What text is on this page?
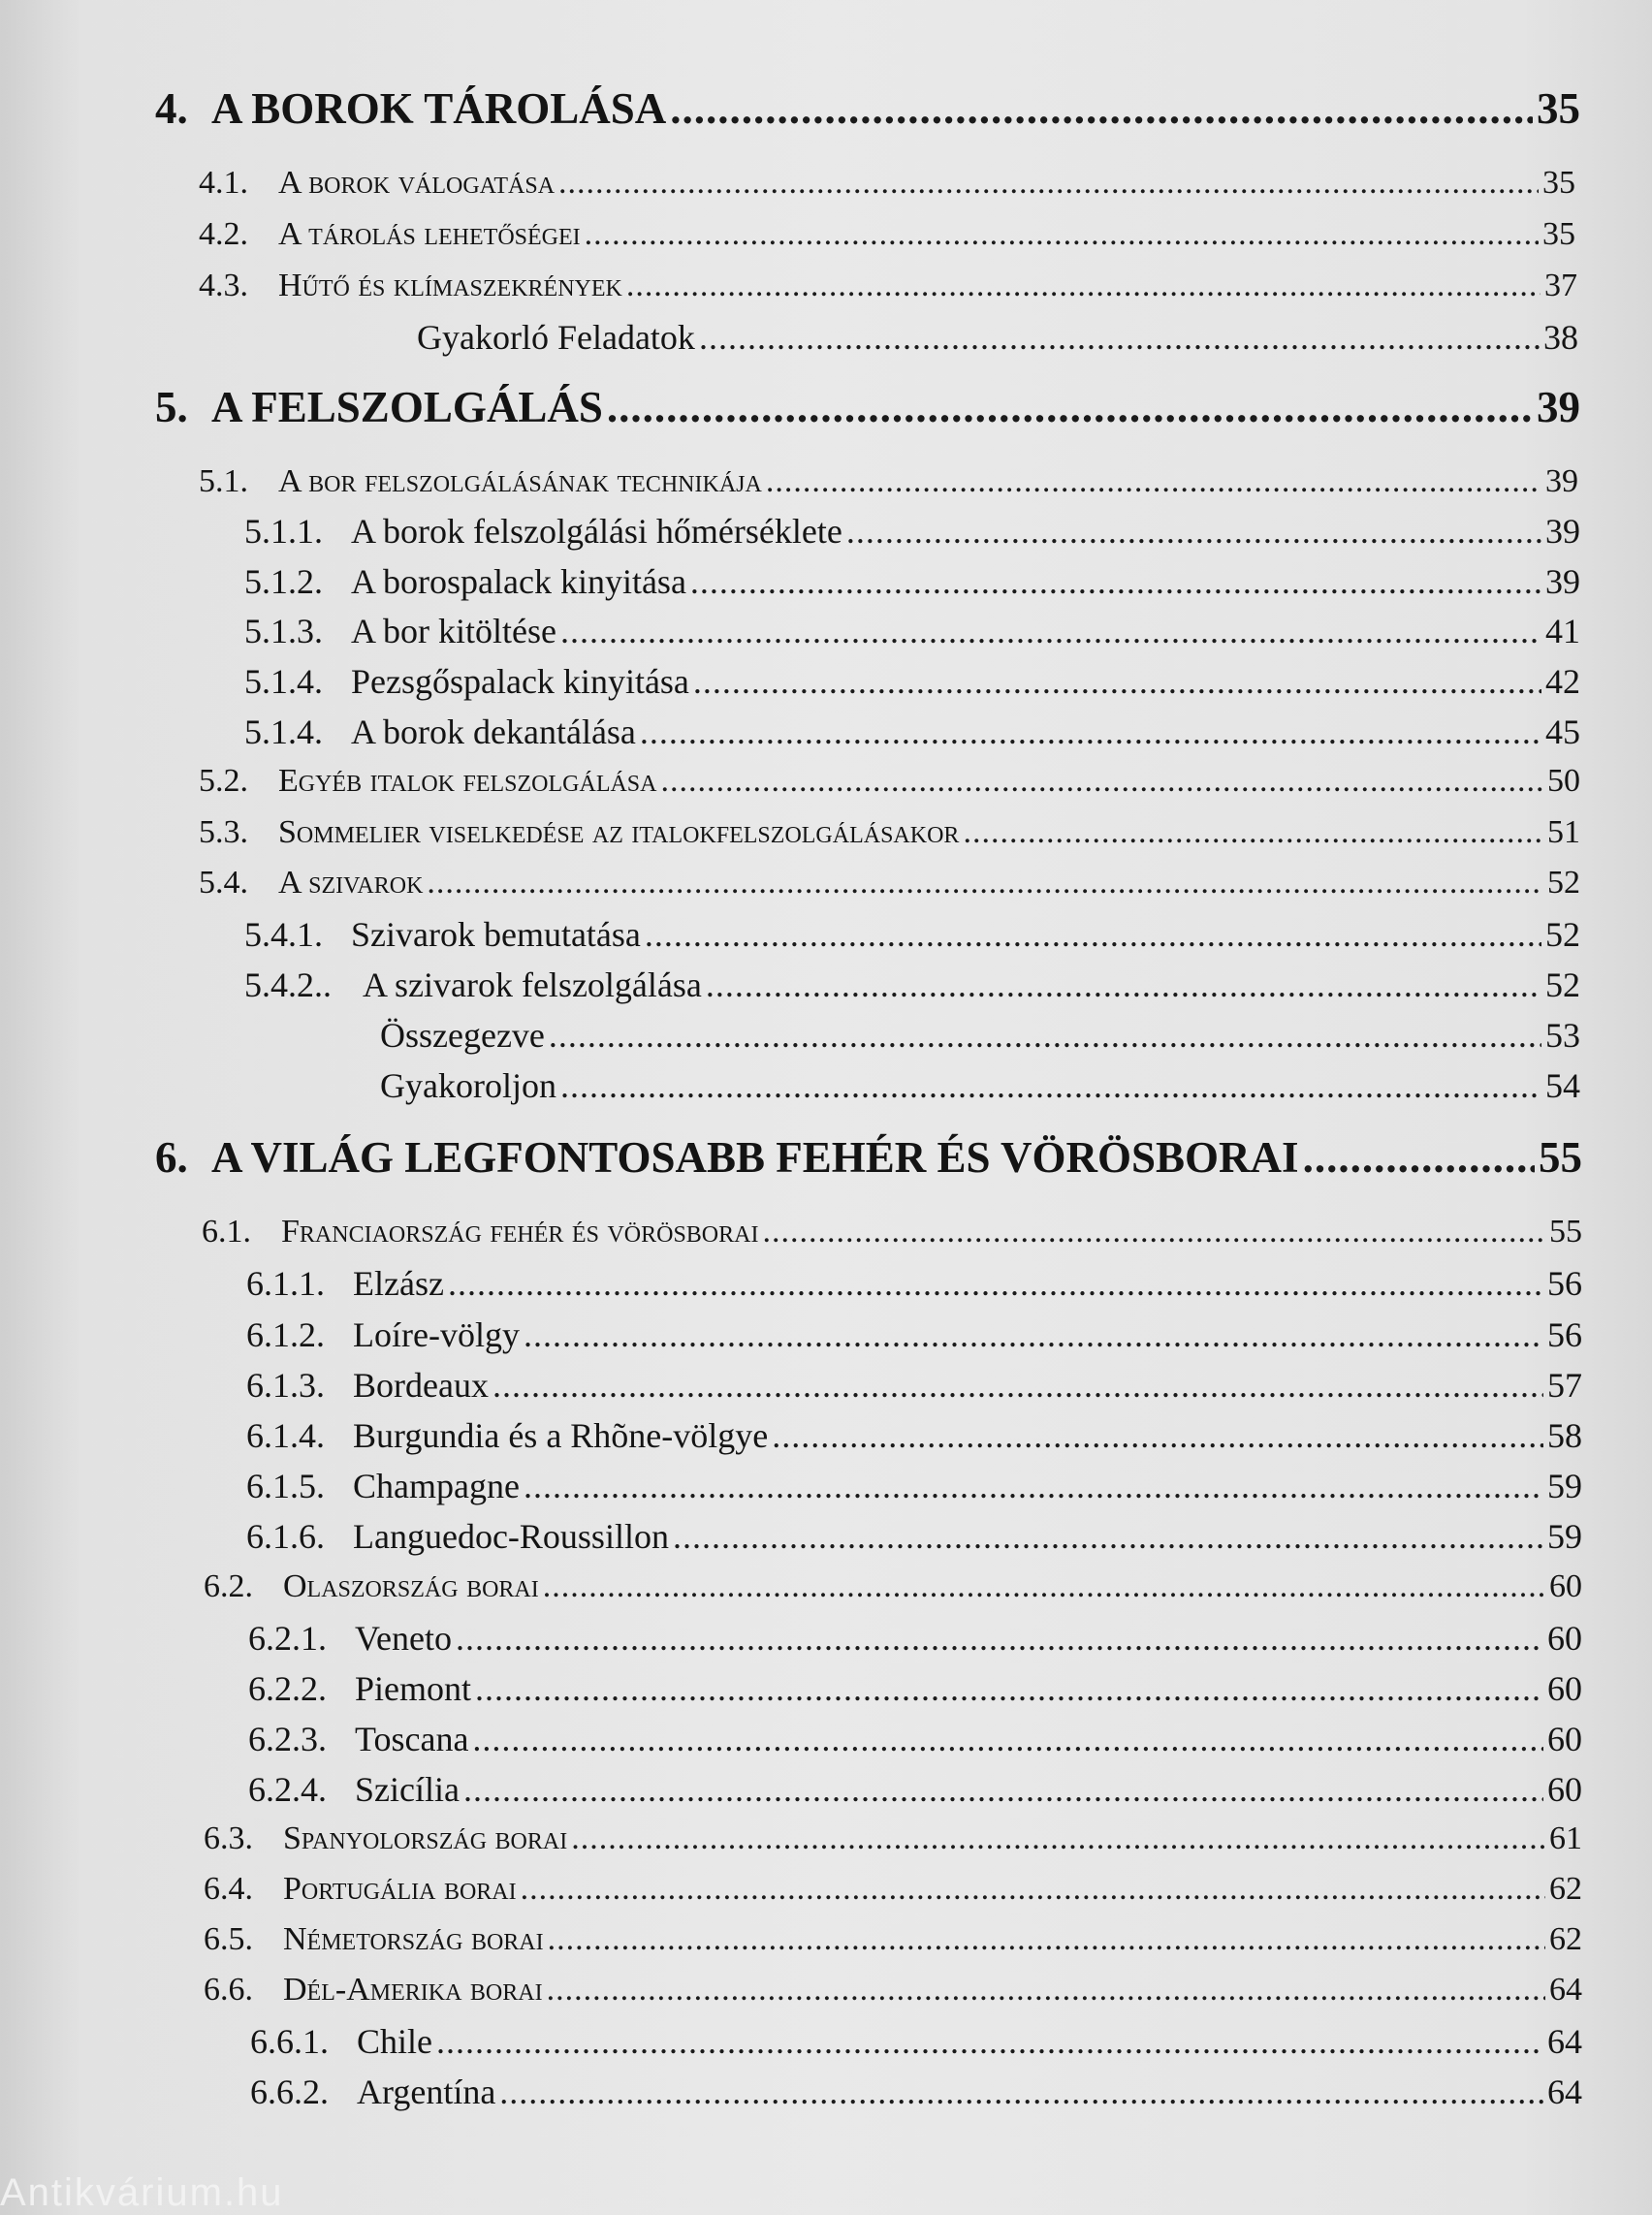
4. A BOROK TÁROLÁSA .....	35
4.1. A borok válogatása .....	35
4.2. A tárolás lehetőségei .....	35
4.3. Hűtő és klímaszekrények .....	37
Gyakorló Feladatok .....	38
5. A FELSZOLGÁLÁS .....	39
5.1. A bor felszolgálásának technikája .....	39
5.1.1. A borok felszolgálási hőmérséklete .....	39
5.1.2. A borospalack kinyitása .....	39
5.1.3. A bor kitöltése .....	41
5.1.4. Pezsgőspalack kinyitása .....	42
5.1.4. A borok dekantálása .....	45
5.2. Egyéb italok felszolgálása .....	50
5.3. Sommelier viselkedése az italokfelszolgálásakor .....	51
5.4. A szivarok .....	52
5.4.1. Szivarok bemutatása .....	52
5.4.2.. A szivarok felszolgálása .....	52
Összegezve .....	53
Gyakoroljon .....	54
6. A VILÁG LEGFONTOSABB FEHÉR ÉS VÖRÖSBORAI .....	55
6.1. Franciaország fehér és vörösborai .....	55
6.1.1. Elzász .....	56
6.1.2. Loíre-völgy .....	56
6.1.3. Bordeaux .....	57
6.1.4. Burgundia és a Rhõne-völgye .....	58
6.1.5. Champagne .....	59
6.1.6. Languedoc-Roussillon .....	59
6.2. Olaszország borai .....	60
6.2.1. Veneto .....	60
6.2.2. Piemont .....	60
6.2.3. Toscana .....	60
6.2.4. Szicília .....	60
6.3. Spanyolország borai .....	61
6.4. Portugália borai .....	62
6.5. Németország borai .....	62
6.6. Dél-Amerika borai .....	64
6.6.1. Chile .....	64
6.6.2. Argentína .....	64
Antikvárium.hu
